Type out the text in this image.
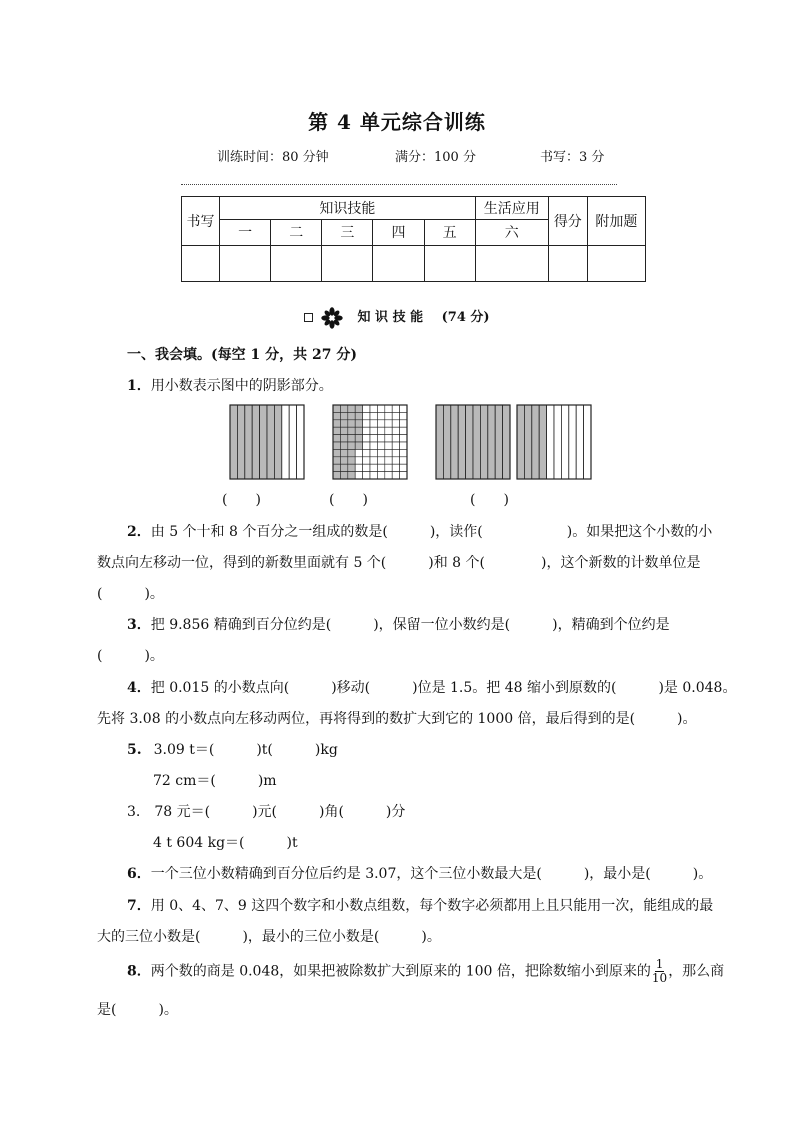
第 4 单元综合训练
训练时间：80 分钟	满分：100 分	书写：3 分
书写	知识技能					生活应用	得分	附加题
	一	二	三	四	五	六		

知 识 技 能 (74 分)
一、我会填。(每空 1 分，共 27 分)
1．用小数表示图中的阴影部分。
(　　)	(　　)	(　　)
2．由 5 个十和 8 个百分之一组成的数是(　　　)，读作(　　　　　　)。如果把这个小数的小
数点向左移动一位，得到的新数里面就有 5 个(　　　)和 8 个(　　　　)，这个新数的计数单位是
(　　　)。
3．把 9.856 精确到百分位约是(　　　)，保留一位小数约是(　　　)，精确到个位约是
(　　　)。
4．把 0.015 的小数点向(　　　)移动(　　　)位是 1.5。把 48 缩小到原数的(　　　)是 0.048。
先将 3.08 的小数点向左移动两位，再将得到的数扩大到它的 1000 倍，最后得到的是(　　　)。
5. 3.09 t＝(　　　)t(　　　)kg
72 cm＝(　　　)m
3. 78 元＝(　　　)元(　　　)角(　　　)分
4 t 604 kg＝(　　　)t
6．一个三位小数精确到百分位后约是 3.07，这个三位小数最大是(　　　)，最小是(　　　)。
7．用 0、4、7、9 这四个数字和小数点组数，每个数字必须都用上且只能用一次，能组成的最
大的三位小数是(　　　)，最小的三位小数是(　　　)。
8．两个数的商是 0.048，如果把被除数扩大到原来的 100 倍，把除数缩小到原来的 $\frac{1}{10}$ ，那么商
是(　　　)。
